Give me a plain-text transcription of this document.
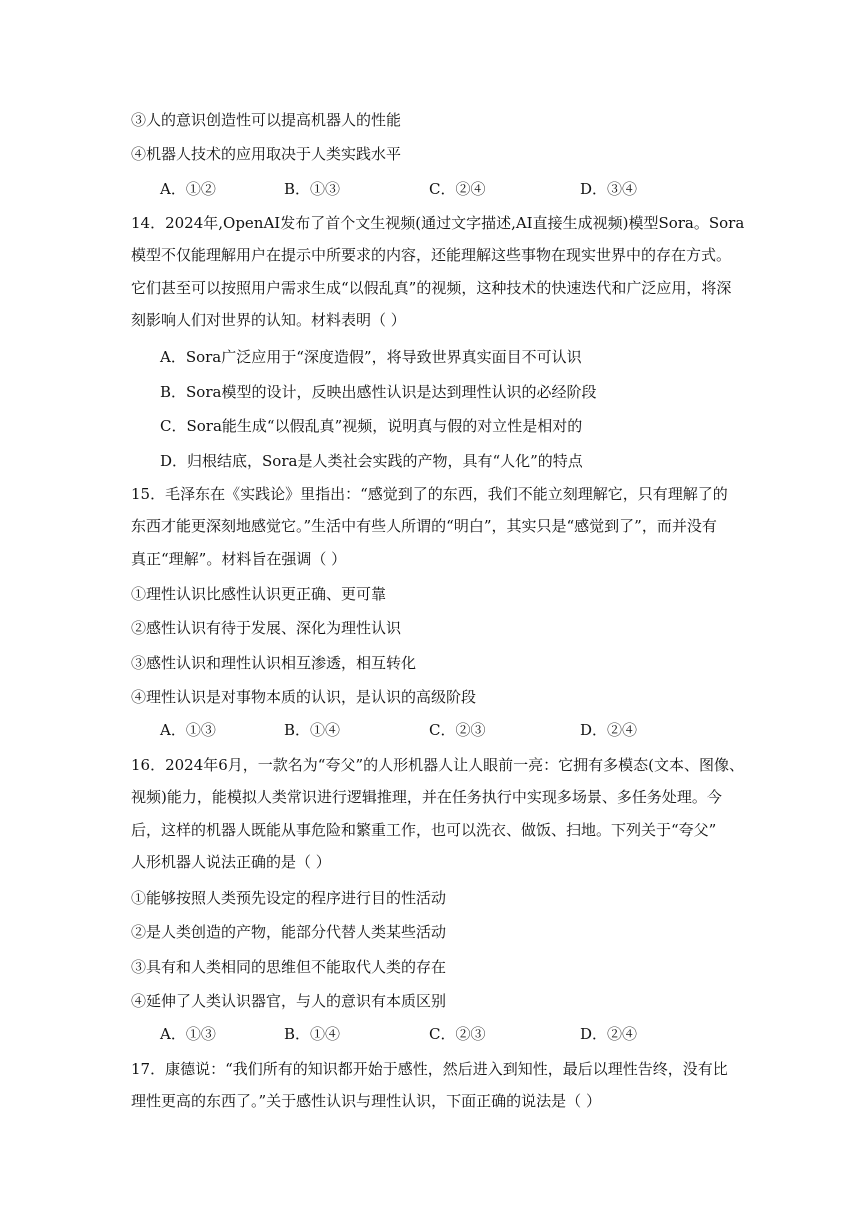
③人的意识创造性可以提高机器人的性能
④机器人技术的应用取决于人类实践水平
A．①②	B．①③	C．②④	D．③④
14．2024年,OpenAI发布了首个文生视频(通过文字描述,AI直接生成视频)模型Sora。Sora
模型不仅能理解用户在提示中所要求的内容，还能理解这些事物在现实世界中的存在方式。
它们甚至可以按照用户需求生成“以假乱真”的视频，这种技术的快速迭代和广泛应用，将深
刻影响人们对世界的认知。材料表明（ ）
A．Sora广泛应用于“深度造假”，将导致世界真实面目不可认识
B．Sora模型的设计，反映出感性认识是达到理性认识的必经阶段
C．Sora能生成“以假乱真”视频，说明真与假的对立性是相对的
D．归根结底，Sora是人类社会实践的产物，具有“人化”的特点
15．毛泽东在《实践论》里指出：“感觉到了的东西，我们不能立刻理解它，只有理解了的
东西才能更深刻地感觉它。”生活中有些人所谓的“明白”，其实只是“感觉到了”，而并没有
真正“理解”。材料旨在强调（ ）
①理性认识比感性认识更正确、更可靠
②感性认识有待于发展、深化为理性认识
③感性认识和理性认识相互渗透，相互转化
④理性认识是对事物本质的认识，是认识的高级阶段
A．①③	B．①④	C．②③	D．②④
16．2024年6月，一款名为“夸父”的人形机器人让人眼前一亮：它拥有多模态(文本、图像、
视频)能力，能模拟人类常识进行逻辑推理，并在任务执行中实现多场景、多任务处理。今
后，这样的机器人既能从事危险和繁重工作，也可以洗衣、做饭、扫地。下列关于“夸父”
人形机器人说法正确的是（ ）
①能够按照人类预先设定的程序进行目的性活动
②是人类创造的产物，能部分代替人类某些活动
③具有和人类相同的思维但不能取代人类的存在
④延伸了人类认识器官，与人的意识有本质区别
A．①③	B．①④	C．②③	D．②④
17．康德说：“我们所有的知识都开始于感性，然后进入到知性，最后以理性告终，没有比
理性更高的东西了。”关于感性认识与理性认识，下面正确的说法是（ ）
